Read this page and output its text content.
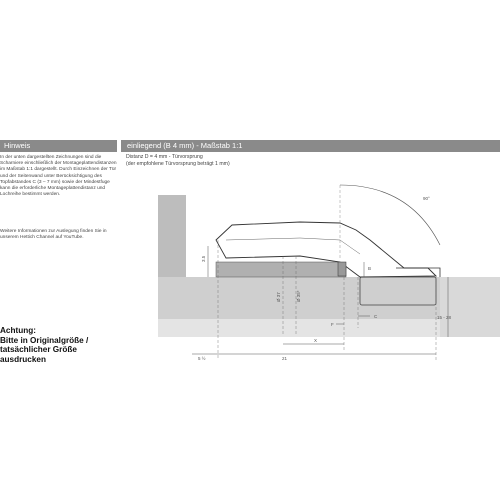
Hinweis	einliegend (B 4 mm) - Maßstab 1:1
In der unten dargestellten Zeichnungen sind die Scharniere einschließlich der Montageplattendistanzen im Maßstab 1:1 dargestellt. Durch Einzeichnen der Tür und der Seitenwand unter Berücksichtigung des Topfabstandes C (3 – 7 mm) sowie der Mindestfuge kann die erforderliche Montageplattendistanz und Lochreihe bestimmt werden.
Weitere Informationen zur Auslegung finden Sie in unserem Hettich Channel auf YouTube.
Achtung:
Bitte in Originalgröße /
tatsächlicher Größe ausdrucken
Distanz D = 4 mm - Türvorsprung
(der empfohlene Türvorsprung beträgt 1 mm)
90°
3.5
Ø 37	Ø 35*
X
F
C
B
15 - 28
5 ½	21
